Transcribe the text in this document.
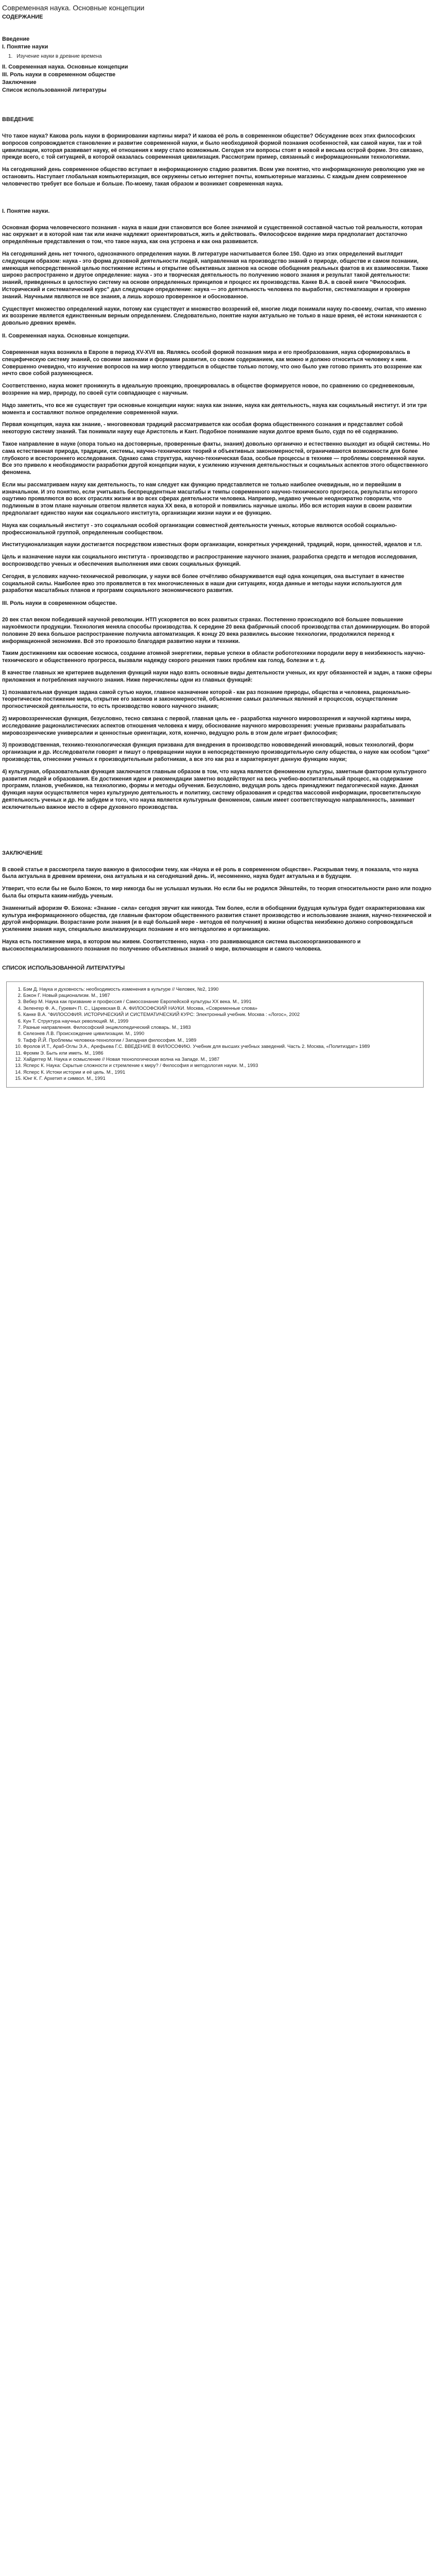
Современная наука. Основные концепции
СОДЕРЖАНИЕ
Введение
I. Понятие науки
1. Изучение науки в древние времена
II. Современная наука. Основные концепции
III. Роль науки в современном обществе
Заключение
Список использованной литературы
ВВЕДЕНИЕ

Что такое наука? Какова роль науки в формировании картины мира? И какова её роль в современном обществе? Обсуждение всех этих философских вопросов сопровождается становление и развитие современной науки, и было необходимой формой познания особенностей, как самой науки, так и той цивилизации, которая развивает науку, её отношения к миру стало возможным. Сегодня эти вопросы стоят в новой и весьма острой форме. Это связано, прежде всего, с той ситуацией, в которой оказалась современная цивилизация. Рассмотрим пример, связанный с информационными технологиями.

На сегодняшний день современное общество вступает в информационную стадию развития. Всем уже понятно, что информационную революцию уже не остановить. Наступает глобальная компьютеризация, все окружены сетью интернет почты, компьютерные магазины. С каждым днем современное человечество требует все больше и больше. По-моему, такая образом и возникает современная наука.

I. Понятие науки.

Основная форма человеческого познания - наука в наши дни становится все более значимой и существенной составной частью той реальности, которая нас окружает и в которой нам так или иначе надлежит ориентироваться, жить и действовать. Философское видение мира предполагает достаточно определённые представления о том, что такое наука, как она устроена и как она развивается.

На сегодняшний день нет точного, однозначного определения науки. В литературе насчитывается более 150. Одно из этих определений выглядит следующим образом: наука - это форма духовной деятельности людей, направленная на производство знаний о природе, обществе и самом познании, имеющая непосредственной целью постижение истины и открытие объективных законов на основе обобщения реальных фактов в их взаимосвязи. Также широко распространено и другое определение: наука - это и творческая деятельность по получению нового знания и результат такой деятельности: знаний, приведенных в целостную систему на основе определенных принципов и процесс их производства. Канке В.А. в своей книге "Философия. Исторический и систематический курс" дал следующее определение: наука — это деятельность человека по выработке, систематизации и проверке знаний. Научными являются не все знания, а лишь хорошо проверенное и обоснованное.

Существует множество определений науки, потому как существует и множество воззрений её, многие люди понимали науку по-своему, считая, что именно их воззрение является единственным верным определением. Следовательно, понятие науки актуально не только в наше время, её истоки начинаются с довольно древних времён.

II. Современная наука. Основные концепции.

Современная наука возникла в Европе в период XV-XVII вв. Являясь особой формой познания мира и его преобразования, наука сформировалась в специфическую систему знаний, со своими законами и формами развития, со своим содержанием, как можно и должно относиться человеку к ним. Совершенно очевидно, что изучение вопросов на мир могло утвердиться в обществе только потому, что оно было уже готово принять это воззрение как нечто свое собой разумеющееся.

Соответственно, наука может проникнуть в идеальную проекцию, проецировалась в обществе формируется новое, по сравнению со средневековым, воззрение на мир, природу, по своей сути совпадающее с научным.

Надо заметить, что все же существует три основные концепции науки: наука как знание, наука как деятельность, наука как социальный институт. И эти три момента и составляют полное определение современной науки.

Первая концепция, наука как знание, - многовековая традиций рассматривается как особая форма общественного сознания и представляет собой некоторую систему знаний. Так понимали науку еще Аристотель и Кант. Подобное понимание науки долгое время было, судя по её содержанию.

Такое направление в науке (опора только на достоверные, проверенные факты, знания) довольно органично и естественно выходит из общей системы. Но сама естественная природа, традиции, системы, научно-технических теорий и объективных закономерностей, ограничиваются возможности для более глубокого и всестороннего исследования. Однако сама структура, научно-техническая база, особые процессы в технике — проблемы современной науки. Все это привело к необходимости разработки другой концепции науки, к усилению изучения деятельностных и социальных аспектов этого общественного феномена.

Если мы рассматриваем науку как деятельность, то нам следует как функцию представляется не только наиболее очевидным, но и первейшим в изначальном. И это понятно, если учитывать беспрецедентные масштабы и темпы современного научно-технического прогресса, результаты которого ощутимо проявляются во всех отраслях жизни и во всех сферах деятельности человека. Например, недавно ученые неоднократно говорили, что подлинным в этом плане научным ответом является наука XX века, в которой и появились научные школы. Ибо вся история науки в своем развитии предполагает единство науки как социального института, организации жизни науки и ее функцию.

Наука как социальный институт - это социальная особой организации совместной деятельности ученых, которые являются особой социально-профессиональной группой, определенным сообществом.

Институционализация науки достигается посредством известных форм организации, конкретных учреждений, традиций, норм, ценностей, идеалов и т.п.

Цель и назначение науки как социального института - производство и распространение научного знания, разработка средств и методов исследования, воспроизводство ученых и обеспечения выполнения ими своих социальных функций.

Сегодня, в условиях научно-технической революции, у науки всё более отчётливо обнаруживается ещё одна концепция, она выступает в качестве социальной силы. Наиболее ярко это проявляется в тех многочисленных в наши дни ситуациях, когда данные и методы науки используются для разработки масштабных планов и программ социального экономического развития.

III. Роль науки в современном обществе.

20 век стал веком победившей научной революции. НТП ускоряется во всех развитых странах. Постепенно происходило всё большее повышение наукоёмкости продукции. Технология меняла способы производства. К середине 20 века фабричный способ производства стал доминирующим. Во второй половине 20 века большое распространение получила автоматизация. К концу 20 века развились высокие технологии, продолжился переход к информационной экономике. Всё это произошло благодаря развитию науки и техники.

Таким достижениям как освоение космоса, создание атомной энергетики, первые успехи в области робототехники породили веру в неизбежность научно-технического и общественного прогресса, вызвали надежду скорого решения таких проблем как голод, болезни и т. д.

В качестве главных же критериев выделения функций науки надо взять основные виды деятельности ученых, их круг обязанностей и задач, а также сферы приложения и потребления научного знания. Ниже перечислены одни из главных функций:

1) познавательная функция задана самой сутью науки, главное назначение которой - как раз познание природы, общества и человека, рационально-теоретическое постижение мира, открытие его законов и закономерностей, объяснение самых различных явлений и процессов, осуществление прогностической деятельности, то есть производство нового научного знания;

2) мировоззренческая функция, безусловно, тесно связана с первой, главная цель ее - разработка научного мировоззрения и научной картины мира, исследование рационалистических аспектов отношения человека к миру, обоснование научного мировоззрения: ученые призваны разрабатывать мировоззренческие универсалии и ценностные ориентации, хотя, конечно, ведущую роль в этом деле играет философия;

3) производственная, технико-технологическая функция призвана для внедрения в производство нововведений инноваций, новых технологий, форм организации и др. Исследователи говорят и пишут о превращении науки в непосредственную производительную силу общества, о науке как особом "цехе" производства, отнесении ученых к производительным работникам, а все это как раз и характеризует данную функцию науки;

4) культурная, образовательная функция заключается главным образом в том, что наука является феноменом культуры, заметным фактором культурного развития людей и образования. Ее достижения идеи и рекомендации заметно воздействуют на весь учебно-воспитательный процесс, на содержание программ, планов, учебников, на технологию, формы и методы обучения. Безусловно, ведущая роль здесь принадлежит педагогической науке. Данная функция науки осуществляется через культурную деятельность и политику, систему образования и средства массовой информации, просветительскую деятельность ученых и др. Не забудем и того, что наука является культурным феноменом, самым имеет соответствующую направленность, занимает исключительно важное место в сфере духовного производства.

ЗАКЛЮЧЕНИЕ

В своей статье я рассмотрела такую важную в философии тему, как «Наука и её роль в современном обществе». Раскрывая тему, я показала, что наука была актуальна в древнем времени, она актуальна и на сегодняшний день. И, несомненно, наука будет актуальна и в будущем.

Утверит, что если бы не было Бэкон, то мир никогда бы не услышал музыки. Но если бы не родился Эйнштейн, то теория относительности рано или поздно была бы открыта каким-нибудь ученым.

Знаменитый афоризм Ф. Бэкона: «Знание - сила» сегодня звучит как никогда. Тем более, если в обобщении будущая культура будет охарактеризована как культура информационного общества, где главным фактором общественного развития станет производство и использование знания, научно-технической и другой информации. Возрастание роли знания (и в ещё большей мере - методов её получения) в жизни общества неизбежно должно сопровождаться усилением знания наук, специально анализирующих познание и его методологию и организацию.

Наука есть постижение мира, в котором мы живем. Соответственно, наука - это развивающаяся система высокоорганизованного и высокоспециализированного познания по получению объективных знаний о мире, включающем и самого человека.

СПИСОК ИСПОЛЬЗОВАННОЙ ЛИТЕРАТУРЫ
1. Бэм Д. Наука и духовность: необходимость изменения в культуре // Человек, №2, 1990
2. Бэкон Г. Новый рационализм. М., 1987
3. Вебер М. Наука как призвание и профессия / Самосознание Европейской культуры XX века. М., 1991
4. Зеленгер Ф. А., Гуревич П. С., Царевская В. А. ФИЛОСОФСКИЙ НАУКИ. Москва, «Современные слова»
5. Канке В.А. "ФИЛОСОФИЯ. ИСТОРИЧЕСКИЙ И СИСТЕМАТИЧЕСКИЙ КУРС: Электронный учебник. Москва : «Логос», 2002
6. Кун Т. Структура научных революций. М., 1999
7. Разные направления. Философский энциклопедический словарь. М., 1983
8. Селезнев Л.В. Происхождение цивилизации. М., 1990
9. Тафф Й.Й. Проблемы человека-технологии / Западная философия. М., 1989
10. Фролов И.Т., Араб-Оглы Э.А., Арефьева Г.С. ВВЕДЕНИЕ В ФИЛОСОФИЮ. Учебник для высших учебных заведений. Часть 2. Москва, «Политиздат» 1989
11. Фромм Э. Быть или иметь. М., 1986
12. Хайдеггер М. Наука и осмысление // Новая технологическая волна на Западе. М., 1987
13. Ясперс К. Наука: Скрытые сложности и стремление к миру? / Философия и методология науки. М., 1993
14. Ясперс К. Истоки истории и её цель. М., 1991
15. Юнг К. Г. Архетип и символ. М., 1991
